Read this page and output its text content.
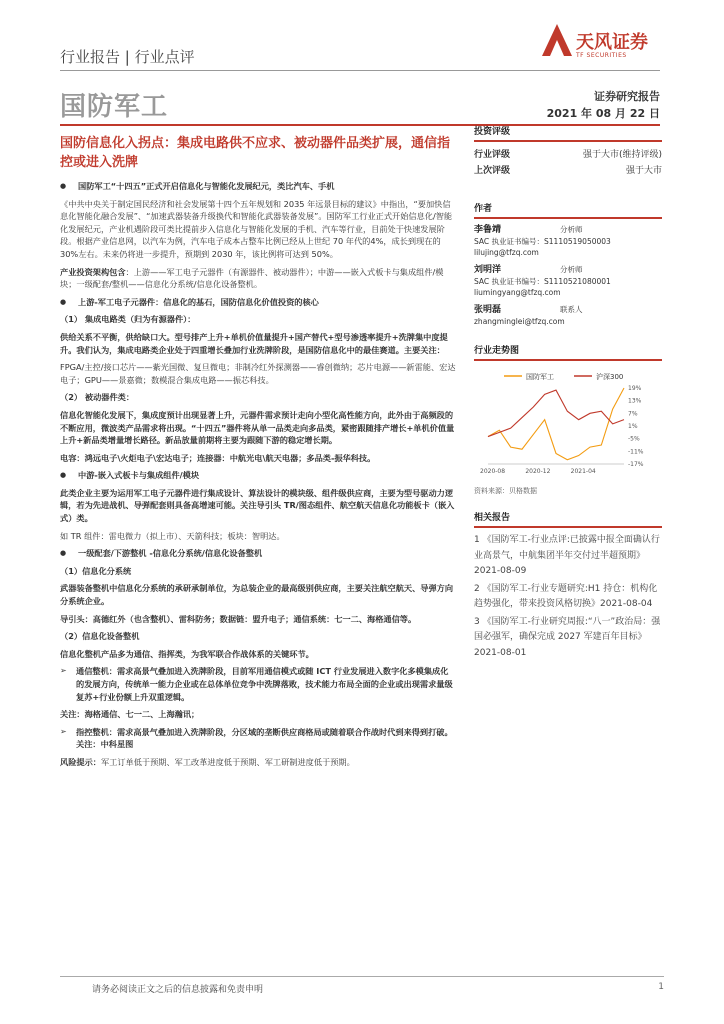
行业报告 | 行业点评
天风证券
TF SECURITIES
国防军工	证券研究报告
2021 年 08 月 22 日
国防信息化入拐点：集成电路供不应求、被动器件品类扩展，通信指控或进入洗牌

● 国防军工“十四五”正式开启信息化与智能化发展纪元，类比汽车、手机

《中共中央关于制定国民经济和社会发展第十四个五年规划和 2035 年远景目标的建议》中指出，“要加快信息化智能化融合发展”、“加速武器装备升级换代和智能化武器装备发展”。国防军工行业正式开始信息化/智能化发展纪元，产业机遇阶段可类比提前步入信息化与智能化发展的手机、汽车等行业，目前处于快速发展阶段。根据产业信息网，以汽车为例，汽车电子成本占整车比例已经从上世纪 70 年代的4%，成长到现在的 30%左右。未来仍将进一步提升，预期到 2030 年，该比例将可达到 50%。

产业投资架构包含：上游——军工电子元器件（有源器件、被动器件）；中游——嵌入式板卡与集成组件/模块；一级配套/整机——信息化分系统/信息化设备整机。

● 上游-军工电子元器件：信息化的基石，国防信息化价值投资的核心

（1） 集成电路类（归为有源器件）：

供给关系不平衡，供给缺口大。型号排产上升+单机价值量提升+国产替代+型号渗透率提升+洗牌集中度提升。我们认为，集成电路类企业处于四重增长叠加行业洗牌阶段，是国防信息化中的最佳赛道。主要关注：

FPGA/主控/接口芯片——紫光国微、复旦微电；非制冷红外探测器——睿创微纳；芯片电源——新雷能、宏达电子；GPU——景嘉微；数模混合集成电路——振芯科技。

（2） 被动器件类：

信息化智能化发展下，集成度预计出现显著上升，元器件需求预计走向小型化高性能方向，此外由于高频段的不断应用，微波类产品需求将出现。“十四五”器件将从单一品类走向多品类，紧密跟随排产增长+单机价值量上升+新品类增量增长路径。新品放量前期将主要为跟随下游的稳定增长期。

电容：鸿远电子\火炬电子\宏达电子；连接器：中航光电\航天电器；多品类-振华科技。

● 中游-嵌入式板卡与集成组件/模块

此类企业主要为运用军工电子元器件进行集成设计、算法设计的模块级、组件级供应商，主要为型号驱动力逻辑，若为先进战机、导弹配套则具备高增速可能。关注导引头 TR/图态组件、航空航天信息化功能板卡（嵌入式）类。

如 TR 组件：雷电微力（拟上市）、天箭科技；板块：智明达。

● 一级配套/下游整机 -信息化分系统/信息化设备整机

（1）信息化分系统

武器装备整机中信息化分系统的承研承制单位，为总装企业的最高级别供应商，主要关注航空航天、导弹方向分系统企业。

导引头：高德红外（也含整机）、雷科防务；数据链：盟升电子；通信系统：七一二、海格通信等。

（2）信息化设备整机

信息化整机产品多为通信、指挥类，为我军联合作战体系的关键环节。

➢ 通信整机：需求高景气叠加进入洗牌阶段，目前军用通信模式或随 ICT 行业发展进入数字化多模集成化的发展方向，传统单一能力企业或在总体单位竞争中洗牌落败，技术能力布局全面的企业或出现需求量级复苏+行业份额上升双重逻辑。

关注：海格通信、七一二、上海瀚讯；

➢ 指控整机：需求高景气叠加进入洗牌阶段，分区域的垄断供应商格局或随着联合作战时代到来得到打破。关注：中科星图

风险提示：军工订单低于预期、军工改革进度低于预期、军工研制进度低于预期。

投资评级
行业评级	强于大市(维持评级)
上次评级	强于大市
作者
李鲁靖	分析师
SAC 执业证书编号：S1110519050003
lilujing@tfzq.com
刘明洋	分析师
SAC 执业证书编号：S1110521080001
liumingyang@tfzq.com
张明磊	联系人
zhangminglei@tfzq.com
行业走势图
国防军工	沪深300
19%
13%
7%
1%
-5%
-11%
-17%
2020-08	2020-12	2021-04
资料来源：贝格数据
相关报告

1 《国防军工-行业点评:已披露中报全面确认行业高景气，中航集团半年交付过半超预期》 2021-08-09

2 《国防军工-行业专题研究:H1 持仓：机构化趋势强化，带来投资风格切换》2021-08-04

3 《国防军工-行业研究周报:“八一”政治局：强国必强军，确保完成 2027 军建百年目标》 2021-08-01

请务必阅读正文之后的信息披露和免责申明	1
